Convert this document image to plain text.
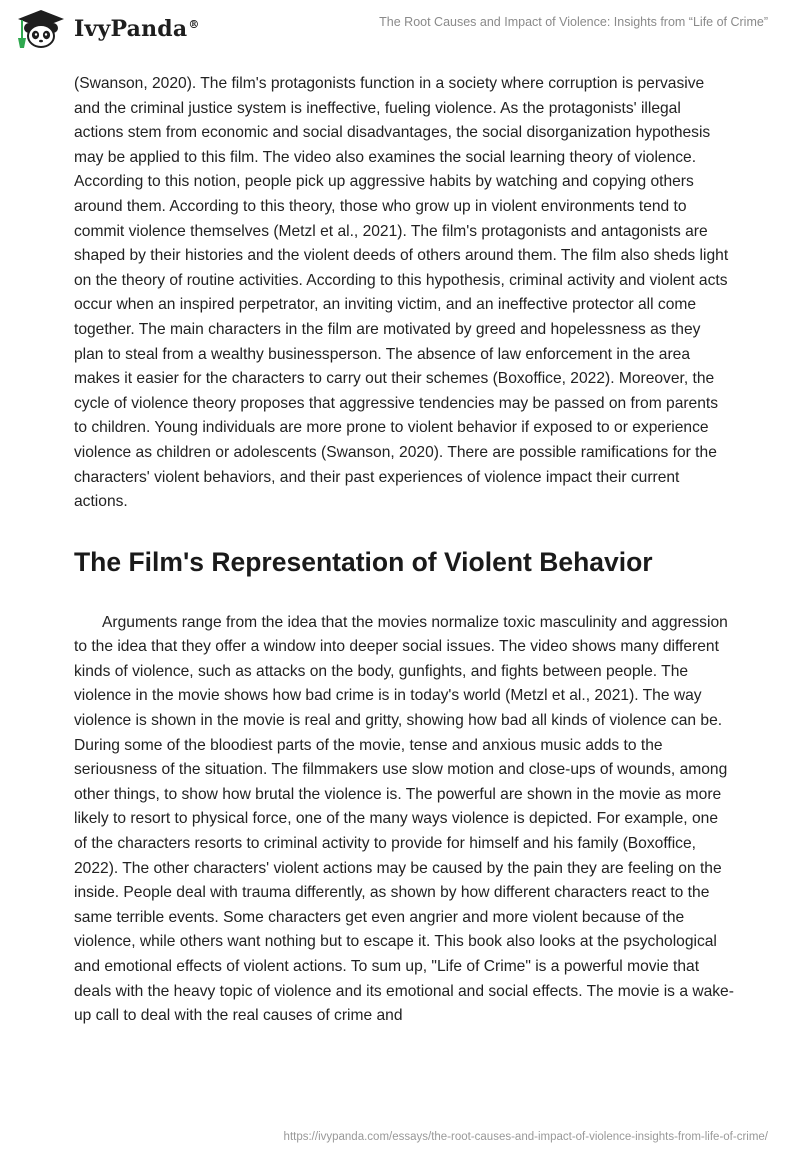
IvyPanda®	The Root Causes and Impact of Violence: Insights from “Life of Crime”

(Swanson, 2020). The film's protagonists function in a society where corruption is pervasive and the criminal justice system is ineffective, fueling violence. As the protagonists' illegal actions stem from economic and social disadvantages, the social disorganization hypothesis may be applied to this film. The video also examines the social learning theory of violence. According to this notion, people pick up aggressive habits by watching and copying others around them. According to this theory, those who grow up in violent environments tend to commit violence themselves (Metzl et al., 2021). The film's protagonists and antagonists are shaped by their histories and the violent deeds of others around them. The film also sheds light on the theory of routine activities. According to this hypothesis, criminal activity and violent acts occur when an inspired perpetrator, an inviting victim, and an ineffective protector all come together. The main characters in the film are motivated by greed and hopelessness as they plan to steal from a wealthy businessperson. The absence of law enforcement in the area makes it easier for the characters to carry out their schemes (Boxoffice, 2022). Moreover, the cycle of violence theory proposes that aggressive tendencies may be passed on from parents to children. Young individuals are more prone to violent behavior if exposed to or experience violence as children or adolescents (Swanson, 2020). There are possible ramifications for the characters' violent behaviors, and their past experiences of violence impact their current actions.

The Film's Representation of Violent Behavior

Arguments range from the idea that the movies normalize toxic masculinity and aggression to the idea that they offer a window into deeper social issues. The video shows many different kinds of violence, such as attacks on the body, gunfights, and fights between people. The violence in the movie shows how bad crime is in today's world (Metzl et al., 2021). The way violence is shown in the movie is real and gritty, showing how bad all kinds of violence can be. During some of the bloodiest parts of the movie, tense and anxious music adds to the seriousness of the situation. The filmmakers use slow motion and close-ups of wounds, among other things, to show how brutal the violence is. The powerful are shown in the movie as more likely to resort to physical force, one of the many ways violence is depicted. For example, one of the characters resorts to criminal activity to provide for himself and his family (Boxoffice, 2022). The other characters' violent actions may be caused by the pain they are feeling on the inside. People deal with trauma differently, as shown by how different characters react to the same terrible events. Some characters get even angrier and more violent because of the violence, while others want nothing but to escape it. This book also looks at the psychological and emotional effects of violent actions. To sum up, "Life of Crime" is a powerful movie that deals with the heavy topic of violence and its emotional and social effects. The movie is a wake-up call to deal with the real causes of crime and

https://ivypanda.com/essays/the-root-causes-and-impact-of-violence-insights-from-life-of-crime/
